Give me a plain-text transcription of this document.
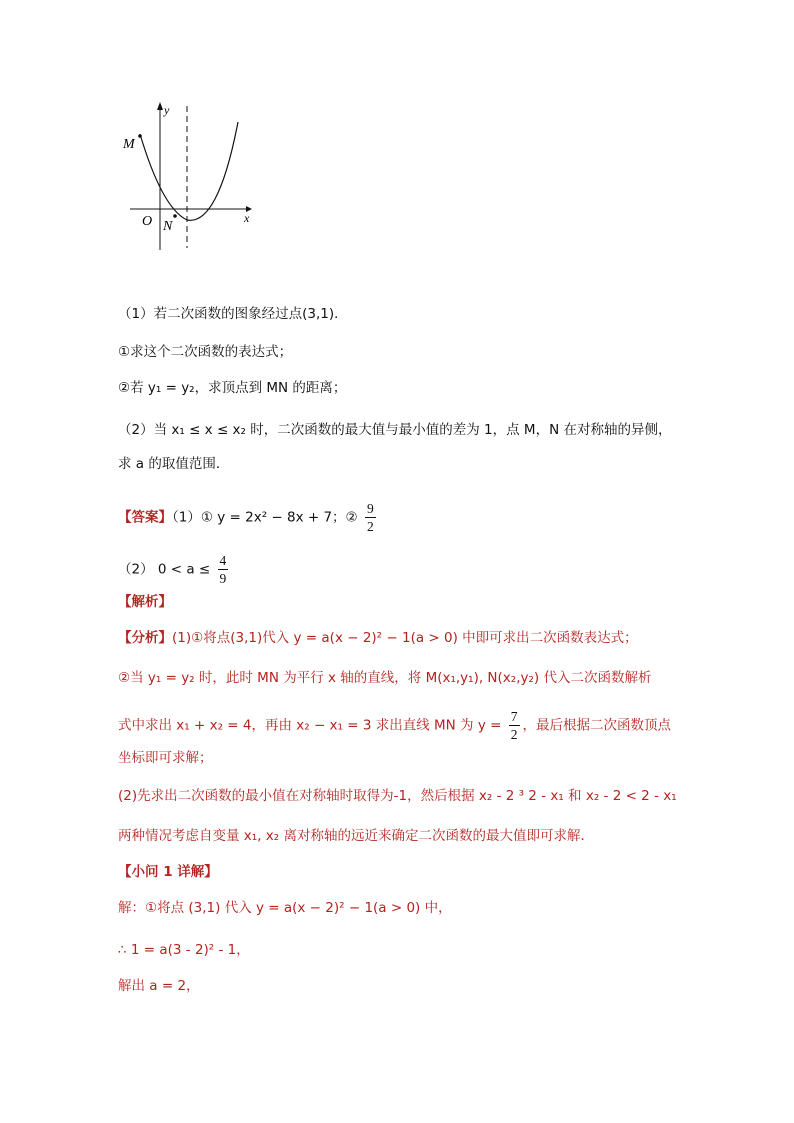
y
x
M
O N
（1）若二次函数的图象经过点(3,1)．
①求这个二次函数的表达式；
②若 y₁ = y₂，求顶点到 MN 的距离；
（2）当 x₁ ≤ x ≤ x₂ 时，二次函数的最大值与最小值的差为 1，点 M，N 在对称轴的异侧，
求 a 的取值范围．
【答案】（1）① y = 2x² − 8x + 7；② $\frac{9}{2}$
（2） $0 < a \le \frac{4}{9}$
【解析】
【分析】(1)①将点(3,1)代入 y = a(x − 2)² − 1(a > 0) 中即可求出二次函数表达式；
②当 y₁ = y₂ 时，此时 MN 为平行 x 轴的直线，将 M(x₁,y₁), N(x₂,y₂) 代入二次函数解析
式中求出 x₁ + x₂ = 4，再由 x₂ − x₁ = 3 求出直线 MN 为 $y = \frac{7}{2}$ ，最后根据二次函数顶点
坐标即可求解；
(2)先求出二次函数的最小值在对称轴时取得为-1，然后根据 x₂ - 2 ³ 2 - x₁ 和 x₂ - 2 < 2 - x₁
两种情况考虑自变量 x₁, x₂ 离对称轴的远近来确定二次函数的最大值即可求解．
【小问 1 详解】
解：①将点 (3,1) 代入 y = a(x − 2)² − 1(a > 0) 中，
∴ 1 = a(3 - 2)² - 1，
解出 a = 2，
